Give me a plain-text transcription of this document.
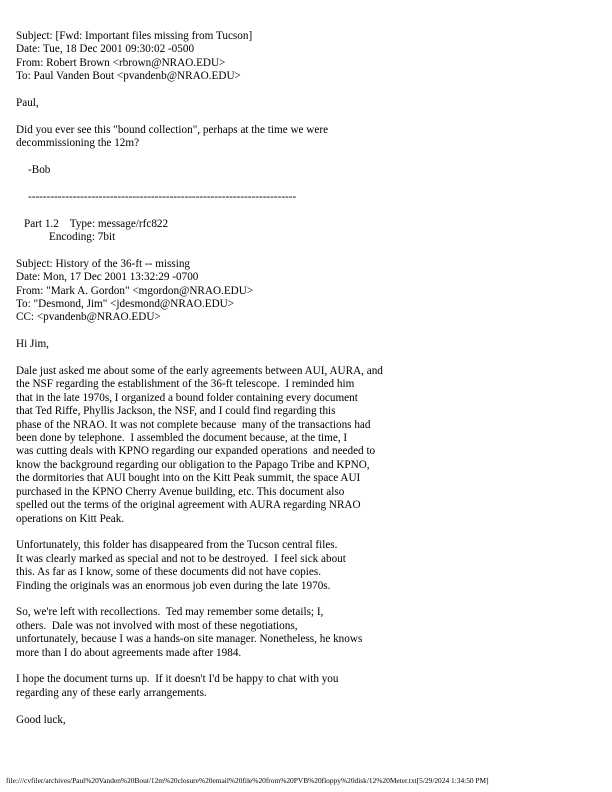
Subject: [Fwd: Important files missing from Tucson]
Date: Tue, 18 Dec 2001 09:30:02 -0500
From: Robert Brown <rbrown@NRAO.EDU>
To: Paul Vanden Bout <pvandenb@NRAO.EDU>
Paul,
Did you ever see this "bound collection", perhaps at the time we were
decommissioning the 12m?
-Bob
------------------------------------------------------------------------
Part 1.2    Type: message/rfc822
Encoding: 7bit
Subject: History of the 36-ft -- missing
Date: Mon, 17 Dec 2001 13:32:29 -0700
From: "Mark A. Gordon" <mgordon@NRAO.EDU>
To: "Desmond, Jim" <jdesmond@NRAO.EDU>
CC: <pvandenb@NRAO.EDU>
Hi Jim,
Dale just asked me about some of the early agreements between AUI, AURA, and
the NSF regarding the establishment of the 36-ft telescope.  I reminded him
that in the late 1970s, I organized a bound folder containing every document
that Ted Riffe, Phyllis Jackson, the NSF, and I could find regarding this
phase of the NRAO. It was not complete because  many of the transactions had
been done by telephone.  I assembled the document because, at the time, I
was cutting deals with KPNO regarding our expanded operations  and needed to
know the background regarding our obligation to the Papago Tribe and KPNO,
the dormitories that AUI bought into on the Kitt Peak summit, the space AUI
purchased in the KPNO Cherry Avenue building, etc. This document also
spelled out the terms of the original agreement with AURA regarding NRAO
operations on Kitt Peak.
Unfortunately, this folder has disappeared from the Tucson central files.
It was clearly marked as special and not to be destroyed.  I feel sick about
this. As far as I know, some of these documents did not have copies.
Finding the originals was an enormous job even during the late 1970s.
So, we're left with recollections.  Ted may remember some details; I,
others.  Dale was not involved with most of these negotiations,
unfortunately, because I was a hands-on site manager. Nonetheless, he knows
more than I do about agreements made after 1984.
I hope the document turns up.  If it doesn't I'd be happy to chat with you
regarding any of these early arrangements.
Good luck,
file:///cvfiler/archives/Paul%20Vanden%20Bout/12m%20closure%20email%20file%20from%20PVB%20floppy%20disk/12%20Meter.txt[5/29/2024 1:34:50 PM]
